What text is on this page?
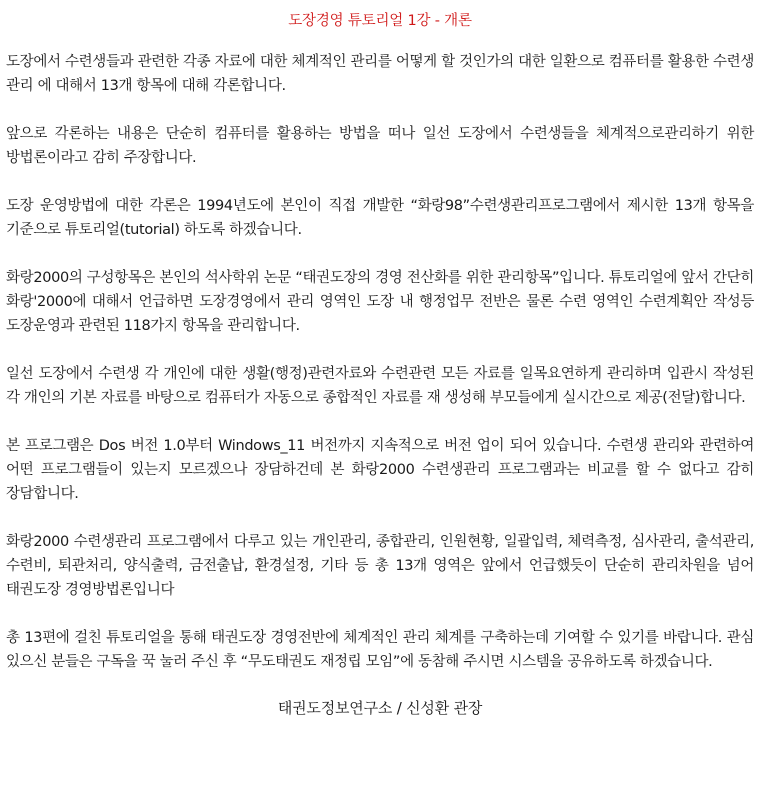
도장경영 튜토리얼 1강 - 개론

도장에서 수련생들과 관련한 각종 자료에 대한 체계적인 관리를 어떻게 할 것인가의 대한 일환으로 컴퓨터를 활용한 수련생 관리 에 대해서 13개 항목에 대해 각론합니다.

앞으로 각론하는 내용은 단순히 컴퓨터를 활용하는 방법을 떠나 일선 도장에서 수련생들을 체계적으로관리하기 위한 방법론이라고 감히 주장합니다.

도장 운영방법에 대한 각론은 1994년도에 본인이 직접 개발한 “화랑98”수련생관리프로그램에서 제시한 13개 항목을 기준으로 튜토리얼(tutorial) 하도록 하겠습니다.

화랑2000의 구성항목은 본인의 석사학위 논문 “태권도장의 경영 전산화를 위한 관리항목”입니다. 튜토리얼에 앞서 간단히 화랑'2000에 대해서 언급하면 도장경영에서 관리 영역인 도장 내 행정업무 전반은 물론 수련 영역인 수련계획안 작성등 도장운영과 관련된 118가지 항목을 관리합니다.

일선 도장에서 수련생 각 개인에 대한 생활(행정)관련자료와 수련관련 모든 자료를 일목요연하게 관리하며 입관시 작성된 각 개인의 기본 자료를 바탕으로 컴퓨터가 자동으로 종합적인 자료를 재 생성해 부모들에게 실시간으로 제공(전달)합니다.

본 프로그램은 Dos 버전 1.0부터 Windows_11 버전까지 지속적으로 버전 업이 되어 있습니다. 수련생 관리와 관련하여 어떤 프로그램들이 있는지 모르겠으나 장담하건데 본 화랑2000 수련생관리 프로그램과는 비교를 할 수 없다고 감히 장담합니다.

화랑2000 수련생관리 프로그램에서 다루고 있는 개인관리, 종합관리, 인원현황, 일괄입력, 체력측정, 심사관리, 출석관리, 수련비, 퇴관처리, 양식출력, 금전출납, 환경설정, 기타 등 총 13개 영역은 앞에서 언급했듯이 단순히 관리차원을 넘어 태권도장 경영방법론입니다

총 13편에 걸친 튜토리얼을 통해 태권도장 경영전반에 체계적인 관리 체계를 구축하는데 기여할 수 있기를 바랍니다. 관심 있으신 분들은 구독을 꾹 눌러 주신 후 “무도태권도 재정립 모임”에 동참해 주시면 시스템을 공유하도록 하겠습니다.

태권도정보연구소 / 신성환 관장
